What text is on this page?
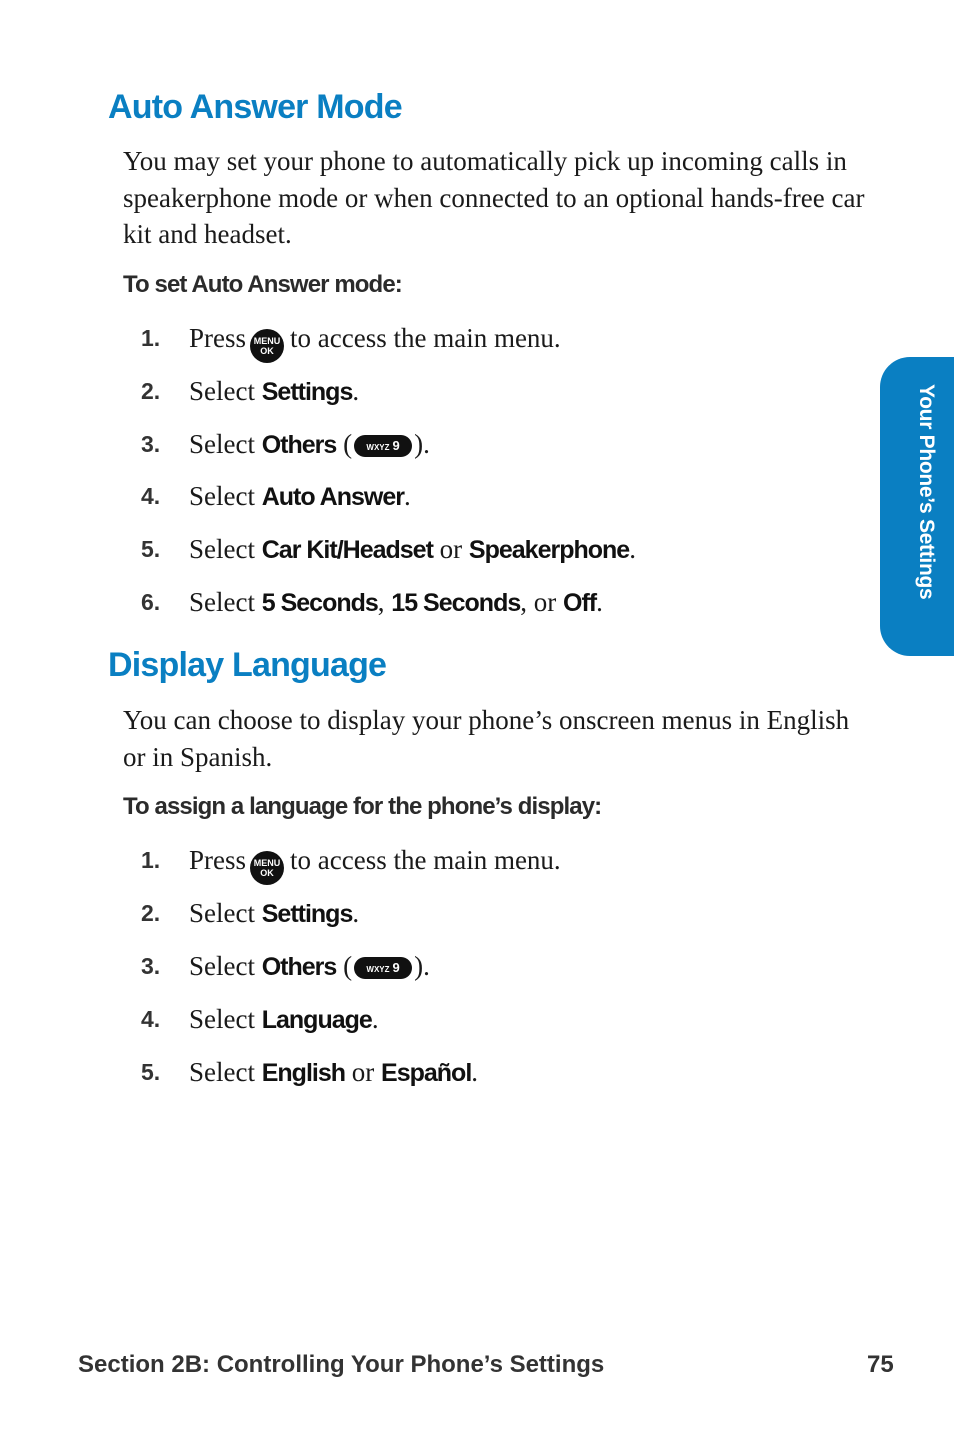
Auto Answer Mode

You may set your phone to automatically pick up incoming calls in speakerphone mode or when connected to an optional hands-free car kit and headset.

To set Auto Answer mode:

1. Press MENU
OK to access the main menu.
2. Select Settings.
3. Select Others ( WXYZ 9 ).
4. Select Auto Answer.
5. Select Car Kit/Headset or Speakerphone.
6. Select 5 Seconds, 15 Seconds, or Off.
Display Language

You can choose to display your phone’s onscreen menus in English or in Spanish.

To assign a language for the phone’s display:

1. Press MENU
OK to access the main menu.
2. Select Settings.
3. Select Others ( WXYZ 9 ).
4. Select Language.
5. Select English or Español.
Your Phone’s Settings
Section 2B: Controlling Your Phone’s Settings	75
